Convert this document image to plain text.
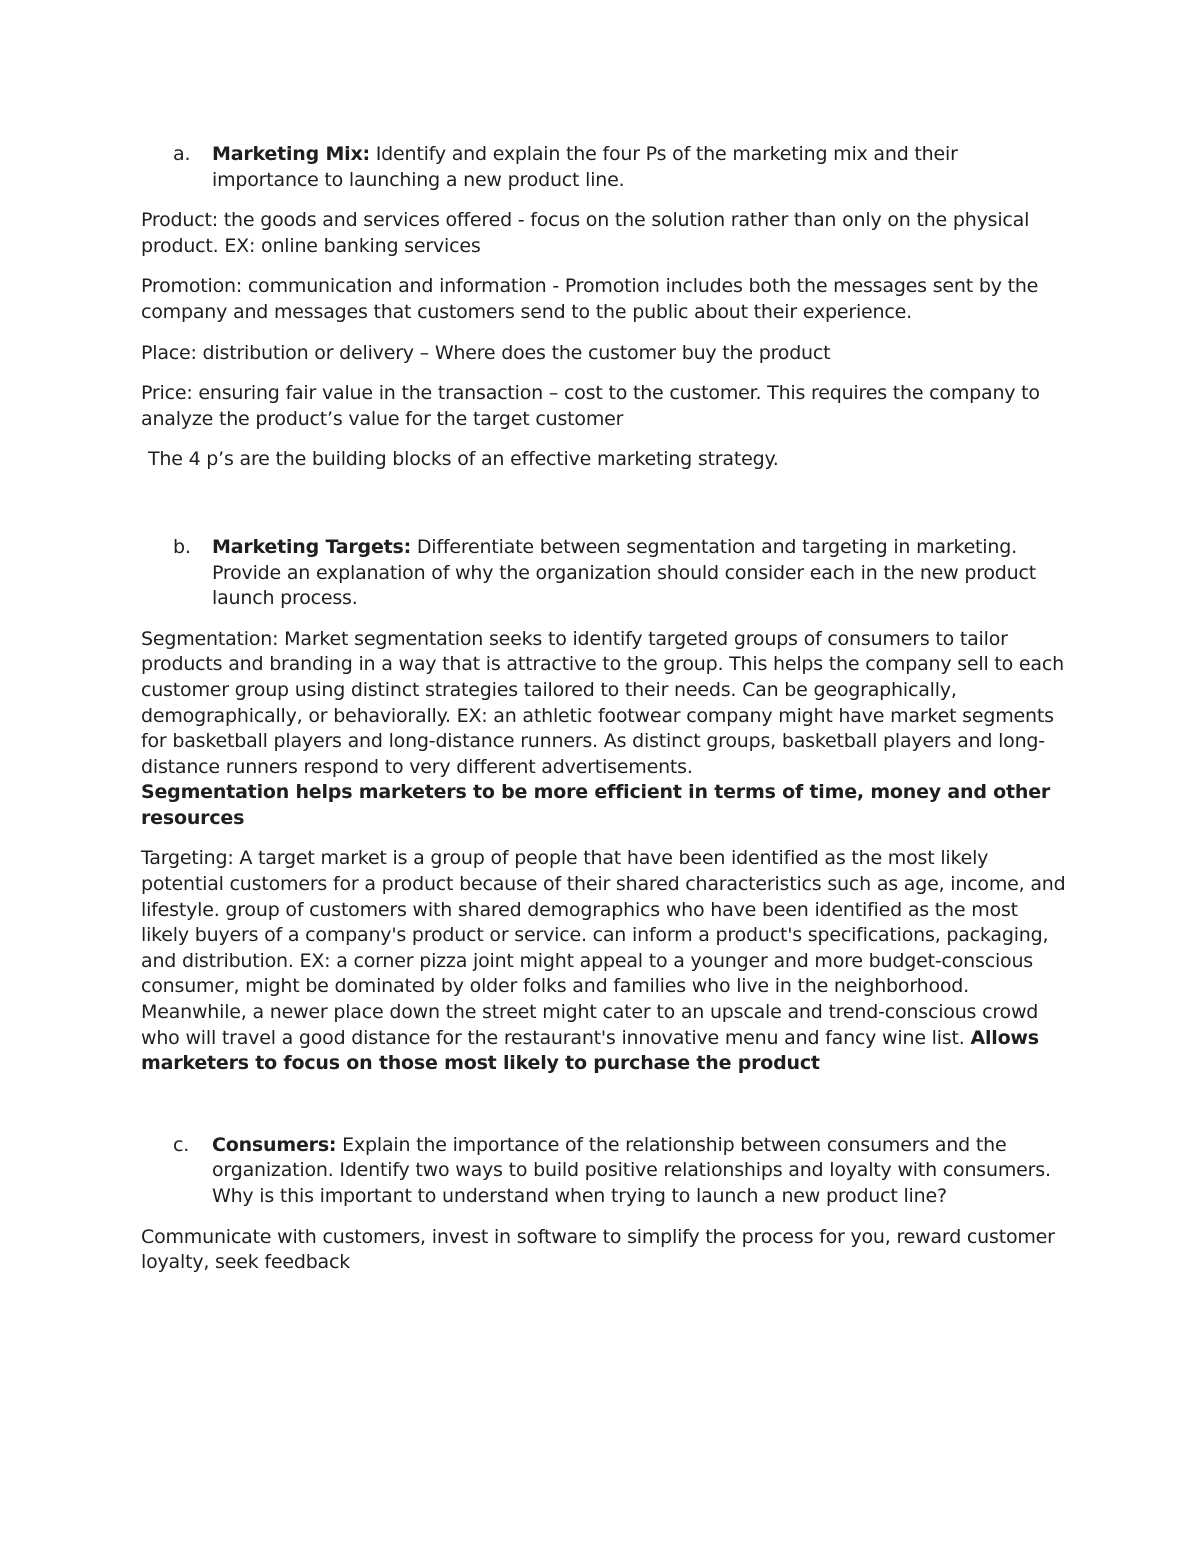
a.	Marketing Mix: Identify and explain the four Ps of the marketing mix and their importance to launching a new product line.

Product: the goods and services offered - focus on the solution rather than only on the physical product. EX: online banking services

Promotion: communication and information - Promotion includes both the messages sent by the company and messages that customers send to the public about their experience.

Place: distribution or delivery – Where does the customer buy the product

Price: ensuring fair value in the transaction – cost to the customer. This requires the company to analyze the product’s value for the target customer

The 4 p’s are the building blocks of an effective marketing strategy.

b.	Marketing Targets: Differentiate between segmentation and targeting in marketing. Provide an explanation of why the organization should consider each in the new product launch process.

Segmentation: Market segmentation seeks to identify targeted groups of consumers to tailor products and branding in a way that is attractive to the group. This helps the company sell to each customer group using distinct strategies tailored to their needs. Can be geographically, demographically, or behaviorally. EX: an athletic footwear company might have market segments for basketball players and long-distance runners. As distinct groups, basketball players and long-distance runners respond to very different advertisements.
Segmentation helps marketers to be more efficient in terms of time, money and other resources

Targeting: A target market is a group of people that have been identified as the most likely potential customers for a product because of their shared characteristics such as age, income, and lifestyle. group of customers with shared demographics who have been identified as the most likely buyers of a company's product or service. can inform a product's specifications, packaging, and distribution. EX: a corner pizza joint might appeal to a younger and more budget-conscious consumer, might be dominated by older folks and families who live in the neighborhood. Meanwhile, a newer place down the street might cater to an upscale and trend-conscious crowd who will travel a good distance for the restaurant's innovative menu and fancy wine list. Allows marketers to focus on those most likely to purchase the product

c.	Consumers: Explain the importance of the relationship between consumers and the organization. Identify two ways to build positive relationships and loyalty with consumers. Why is this important to understand when trying to launch a new product line?

Communicate with customers, invest in software to simplify the process for you, reward customer loyalty, seek feedback
